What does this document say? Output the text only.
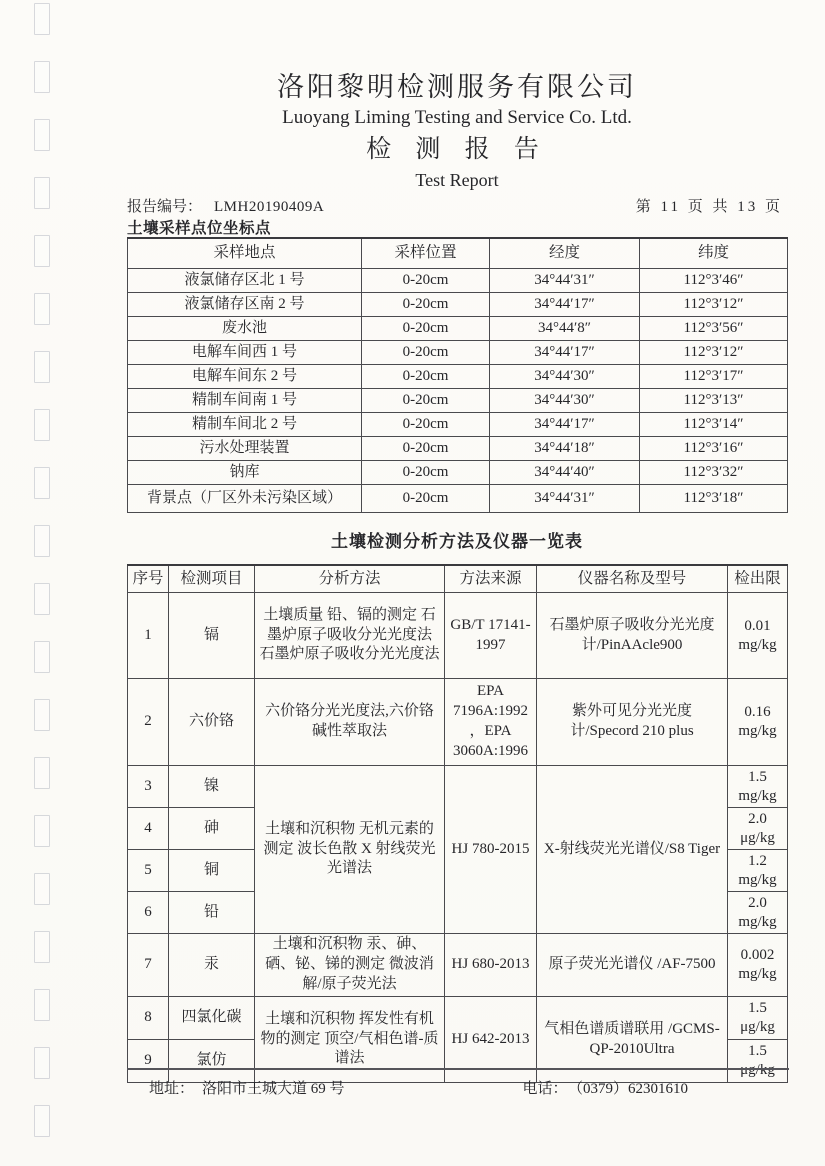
洛阳黎明检测服务有限公司
Luoyang Liming Testing and Service Co. Ltd.
检 测 报 告
Test Report
报告编号： LMH20190409A	第 11 页 共 13 页
土壤采样点位坐标点
采样地点	采样位置	经度	纬度
液氯储存区北 1 号	0-20cm	34°44′31″	112°3′46″
液氯储存区南 2 号	0-20cm	34°44′17″	112°3′12″
废水池	0-20cm	34°44′8″	112°3′56″
电解车间西 1 号	0-20cm	34°44′17″	112°3′12″
电解车间东 2 号	0-20cm	34°44′30″	112°3′17″
精制车间南 1 号	0-20cm	34°44′30″	112°3′13″
精制车间北 2 号	0-20cm	34°44′17″	112°3′14″
污水处理装置	0-20cm	34°44′18″	112°3′16″
钠库	0-20cm	34°44′40″	112°3′32″
背景点（厂区外未污染区域）	0-20cm	34°44′31″	112°3′18″
土壤检测分析方法及仪器一览表
序号	检测项目	分析方法	方法来源	仪器名称及型号	检出限
1	镉	土壤质量 铅、镉的测定 石墨炉原子吸收分光光度法 石墨炉原子吸收分光光度法	GB/T 17141-1997	石墨炉原子吸收分光光度计/PinAAcle900	0.01
mg/kg

2	六价铬	六价铬分光光度法,六价铬碱性萃取法	EPA 7196A:1992 ，EPA 3060A:1996	紫外可见分光光度计/Specord 210 plus	0.16
mg/kg

3	镍	土壤和沉积物 无机元素的测定 波长色散 X 射线荧光光谱法	HJ 780-2015	X-射线荧光光谱仪/S8 Tiger	1.5
mg/kg

4	砷				2.0
μg/kg

5	铜				1.2
mg/kg

6	铅				2.0
mg/kg

7	汞	土壤和沉积物 汞、砷、硒、铋、锑的测定 微波消解/原子荧光法	HJ 680-2013	原子荧光光谱仪 /AF-7500	0.002
mg/kg

8	四氯化碳	土壤和沉积物 挥发性有机物的测定 顶空/气相色谱-质谱法	HJ 642-2013	气相色谱质谱联用 /GCMS-QP-2010Ultra	1.5
μg/kg

9	氯仿				1.5
μg/kg
地址： 洛阳市王城大道 69 号	电话： （0379）62301610
